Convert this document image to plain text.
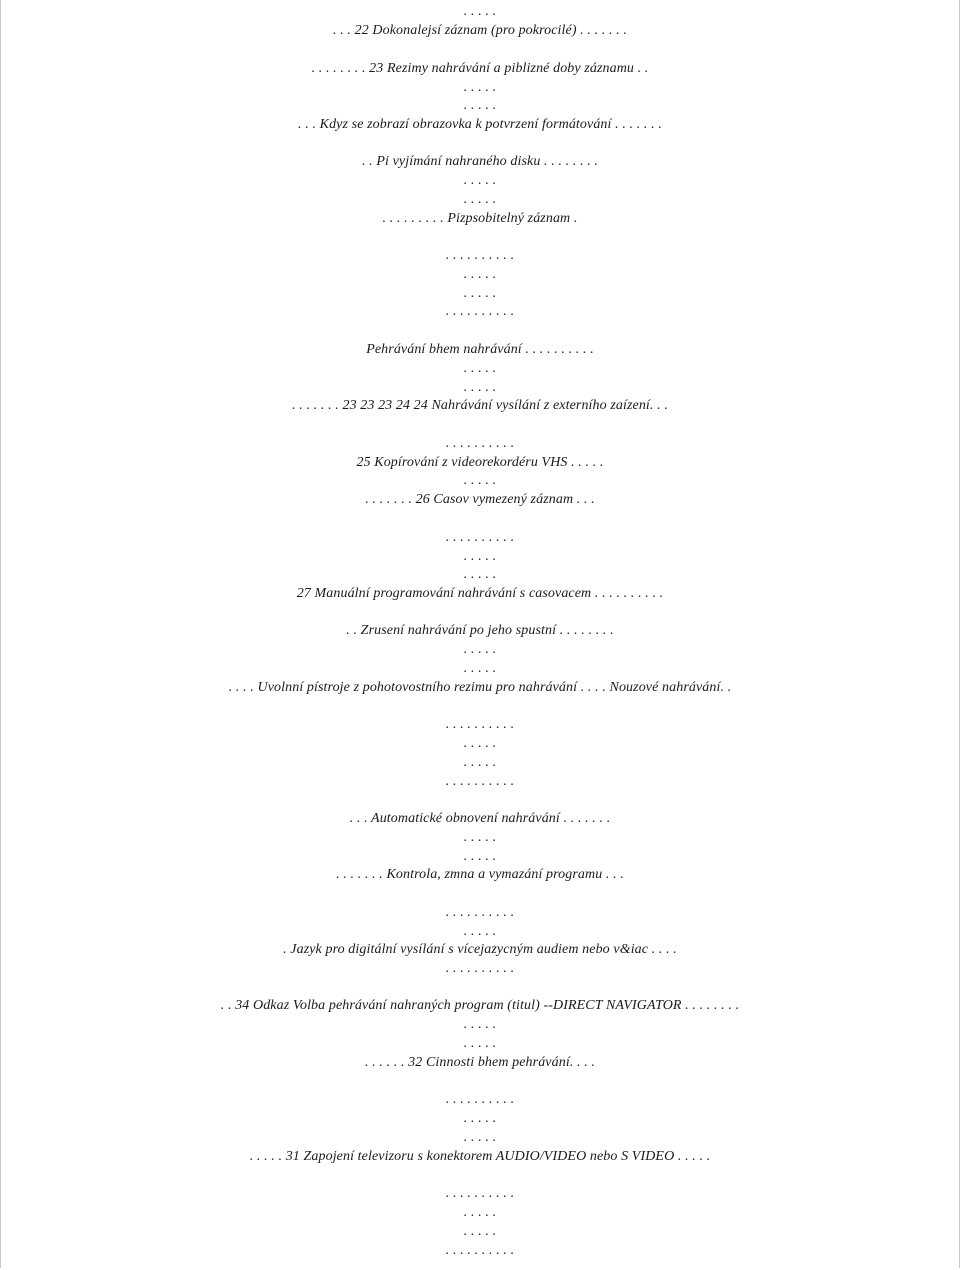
. . . . .
. . . 22 Dokonalejsí záznam (pro pokrocilé) . . . . . . .
. . . . . . . . 23 Rezimy nahrávání a piblizné doby záznamu . .
. . . . .
. . . . .
. . . Kdyz se zobrazí obrazovka k potvrzení formátování . . . . . . .
. . Pi vyjímání nahraného disku . . . . . . . .
. . . . .
. . . . .
. . . . . . . . . Pizpsobitelný záznam .
. . . . . . . . . .
. . . . .
. . . . .
. . . . . . . . . .
Pehrávání bhem nahrávání . . . . . . . . . .
. . . . .
. . . . .
. . . . . . . 23 23 23 24 24 Nahrávání vysílání z externího zaízení. . .
. . . . . . . . . .
25 Kopírování z videorekordéru VHS . . . . .
. . . . .
. . . . . . . 26 Casov vymezený záznam . . .
. . . . . . . . . .
. . . . .
. . . . .
27 Manuální programování nahrávání s casovacem . . . . . . . . . .
. . Zrusení nahrávání po jeho spustní . . . . . . . .
. . . . .
. . . . .
. . . . Uvolnní pístroje z pohotovostního rezimu pro nahrávání . . . . Nouzové nahrávání. .
. . . . . . . . . .
. . . . .
. . . . .
. . . . . . . . . .
. . . Automatické obnovení nahrávání . . . . . . .
. . . . .
. . . . .
. . . . . . . Kontrola, zmna a vymazání programu . . .
. . . . . . . . . .
. . . . .
. Jazyk pro digitální vysílání s vícejazycným audiem nebo v&iac . . . .
. . . . . . . . . .
. . 34 Odkaz Volba pehrávání nahraných program (titul) --DIRECT NAVIGATOR . . . . . . . .
. . . . .
. . . . .
. . . . . . 32 Cinnosti bhem pehrávání. . . .
. . . . . . . . . .
. . . . .
. . . . .
. . . . . 31 Zapojení televizoru s konektorem AUDIO/VIDEO nebo S VIDEO . . . . .
. . . . . . . . . .
. . . . .
. . . . .
. . . . . . . . . .
